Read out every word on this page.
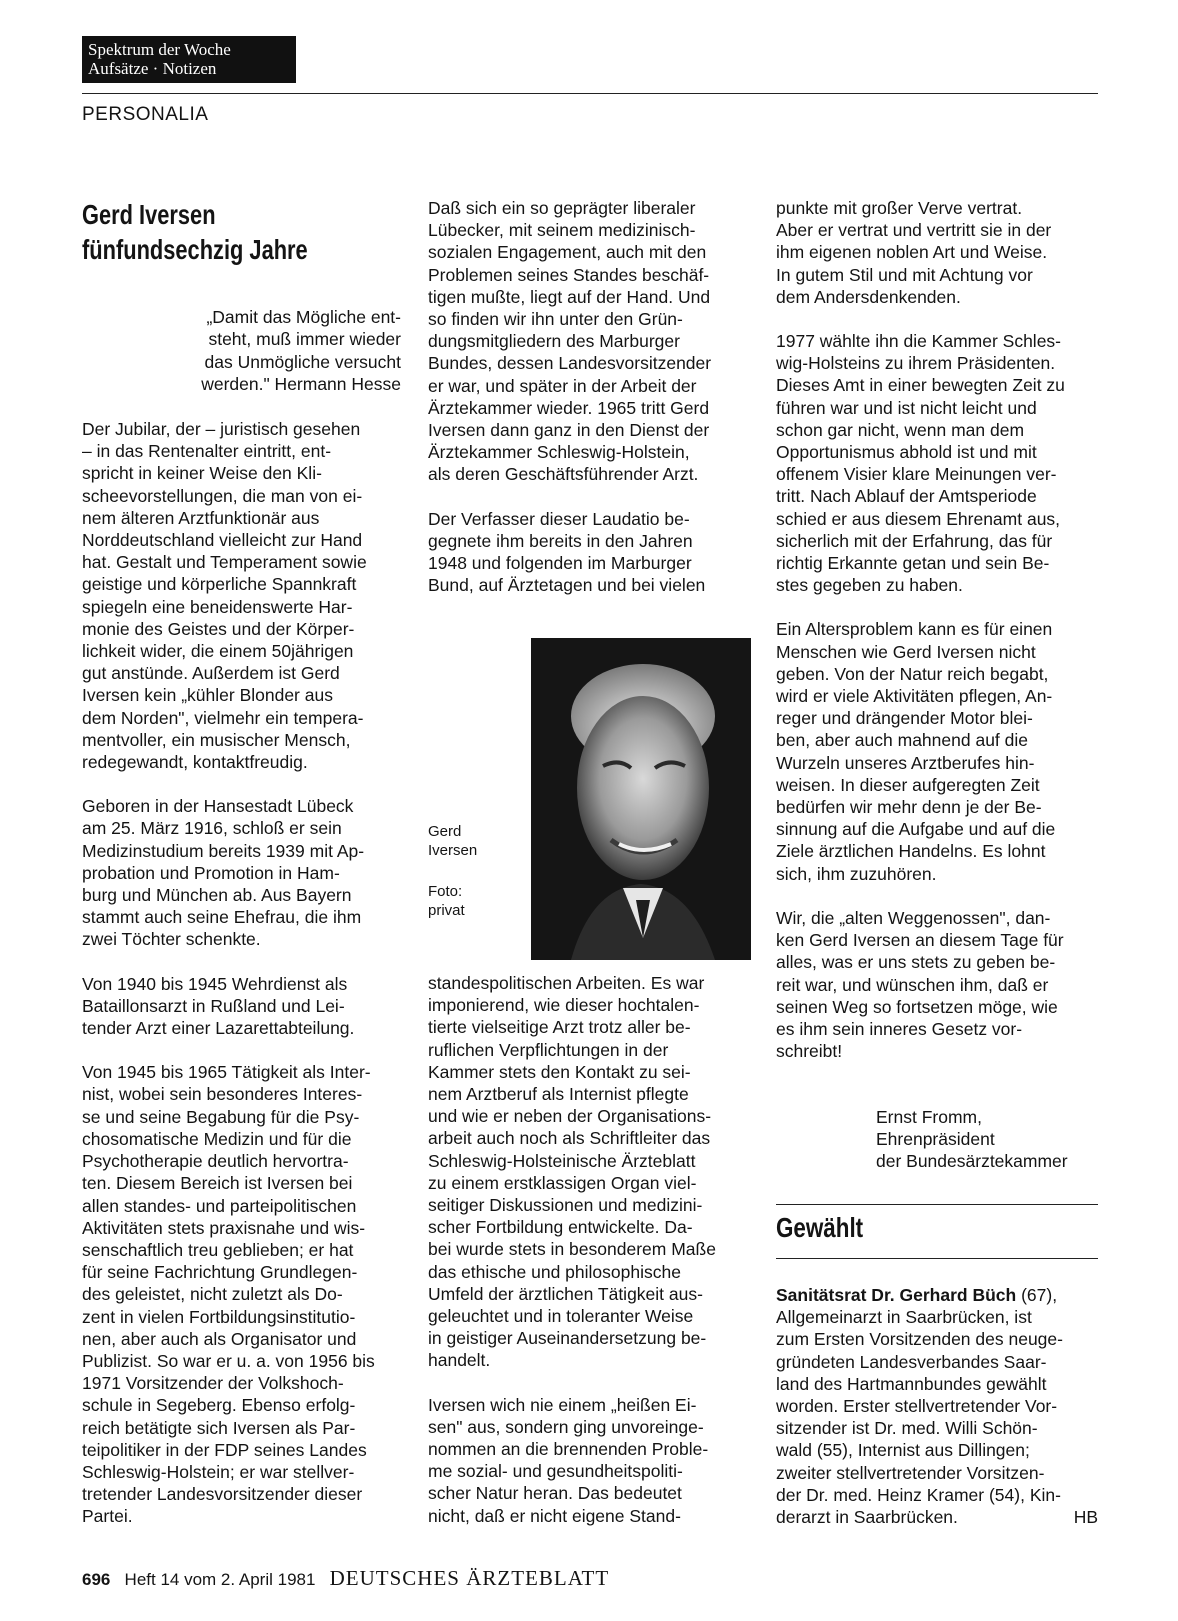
Spektrum der Woche
Aufsätze · Notizen
PERSONALIA
Gerd Iversen
fünfundsechzig Jahre
„Damit das Mögliche ent-
steht, muß immer wieder
das Unmögliche versucht
werden." Hermann Hesse

Der Jubilar, der – juristisch gesehen
– in das Rentenalter eintritt, ent-
spricht in keiner Weise den Kli-
scheevorstellungen, die man von ei-
nem älteren Arztfunktionär aus
Norddeutschland vielleicht zur Hand
hat. Gestalt und Temperament sowie
geistige und körperliche Spannkraft
spiegeln eine beneidenswerte Har-
monie des Geistes und der Körper-
lichkeit wider, die einem 50jährigen
gut anstünde. Außerdem ist Gerd
Iversen kein „kühler Blonder aus
dem Norden", vielmehr ein tempera-
mentvoller, ein musischer Mensch,
redegewandt, kontaktfreudig.

Geboren in der Hansestadt Lübeck
am 25. März 1916, schloß er sein
Medizinstudium bereits 1939 mit Ap-
probation und Promotion in Ham-
burg und München ab. Aus Bayern
stammt auch seine Ehefrau, die ihm
zwei Töchter schenkte.

Von 1940 bis 1945 Wehrdienst als
Bataillonsarzt in Rußland und Lei-
tender Arzt einer Lazarettabteilung.

Von 1945 bis 1965 Tätigkeit als Inter-
nist, wobei sein besonderes Interes-
se und seine Begabung für die Psy-
chosomatische Medizin und für die
Psychotherapie deutlich hervortra-
ten. Diesem Bereich ist Iversen bei
allen standes- und parteipolitischen
Aktivitäten stets praxisnahe und wis-
senschaftlich treu geblieben; er hat
für seine Fachrichtung Grundlegen-
des geleistet, nicht zuletzt als Do-
zent in vielen Fortbildungsinstitutio-
nen, aber auch als Organisator und
Publizist. So war er u. a. von 1956 bis
1971 Vorsitzender der Volkshoch-
schule in Segeberg. Ebenso erfolg-
reich betätigte sich Iversen als Par-
teipolitiker in der FDP seines Landes
Schleswig-Holstein; er war stellver-
tretender Landesvorsitzender dieser
Partei.

Daß sich ein so geprägter liberaler
Lübecker, mit seinem medizinisch-
sozialen Engagement, auch mit den
Problemen seines Standes beschäf-
tigen mußte, liegt auf der Hand. Und
so finden wir ihn unter den Grün-
dungsmitgliedern des Marburger
Bundes, dessen Landesvorsitzender
er war, und später in der Arbeit der
Ärztekammer wieder. 1965 tritt Gerd
Iversen dann ganz in den Dienst der
Ärztekammer Schleswig-Holstein,
als deren Geschäftsführender Arzt.

Der Verfasser dieser Laudatio be-
gegnete ihm bereits in den Jahren
1948 und folgenden im Marburger
Bund, auf Ärztetagen und bei vielen

Gerd
Iversen
Foto:
privat

standespolitischen Arbeiten. Es war
imponierend, wie dieser hochtalen-
tierte vielseitige Arzt trotz aller be-
ruflichen Verpflichtungen in der
Kammer stets den Kontakt zu sei-
nem Arztberuf als Internist pflegte
und wie er neben der Organisations-
arbeit auch noch als Schriftleiter das
Schleswig-Holsteinische Ärzteblatt
zu einem erstklassigen Organ viel-
seitiger Diskussionen und medizini-
scher Fortbildung entwickelte. Da-
bei wurde stets in besonderem Maße
das ethische und philosophische
Umfeld der ärztlichen Tätigkeit aus-
geleuchtet und in toleranter Weise
in geistiger Auseinandersetzung be-
handelt.

Iversen wich nie einem „heißen Ei-
sen" aus, sondern ging unvoreinge-
nommen an die brennenden Proble-
me sozial- und gesundheitspoliti-
scher Natur heran. Das bedeutet
nicht, daß er nicht eigene Stand-

punkte mit großer Verve vertrat.
Aber er vertrat und vertritt sie in der
ihm eigenen noblen Art und Weise.
In gutem Stil und mit Achtung vor
dem Andersdenkenden.

1977 wählte ihn die Kammer Schles-
wig-Holsteins zu ihrem Präsidenten.
Dieses Amt in einer bewegten Zeit zu
führen war und ist nicht leicht und
schon gar nicht, wenn man dem
Opportunismus abhold ist und mit
offenem Visier klare Meinungen ver-
tritt. Nach Ablauf der Amtsperiode
schied er aus diesem Ehrenamt aus,
sicherlich mit der Erfahrung, das für
richtig Erkannte getan und sein Be-
stes gegeben zu haben.

Ein Altersproblem kann es für einen
Menschen wie Gerd Iversen nicht
geben. Von der Natur reich begabt,
wird er viele Aktivitäten pflegen, An-
reger und drängender Motor blei-
ben, aber auch mahnend auf die
Wurzeln unseres Arztberufes hin-
weisen. In dieser aufgeregten Zeit
bedürfen wir mehr denn je der Be-
sinnung auf die Aufgabe und auf die
Ziele ärztlichen Handelns. Es lohnt
sich, ihm zuzuhören.

Wir, die „alten Weggenossen", dan-
ken Gerd Iversen an diesem Tage für
alles, was er uns stets zu geben be-
reit war, und wünschen ihm, daß er
seinen Weg so fortsetzen möge, wie
es ihm sein inneres Gesetz vor-
schreibt!

Ernst Fromm,
Ehrenpräsident
der Bundesärztekammer
Gewählt

Sanitätsrat Dr. Gerhard Büch (67),
Allgemeinarzt in Saarbrücken, ist
zum Ersten Vorsitzenden des neuge-
gründeten Landesverbandes Saar-
land des Hartmannbundes gewählt
worden. Erster stellvertretender Vor-
sitzender ist Dr. med. Willi Schön-
wald (55), Internist aus Dillingen;
zweiter stellvertretender Vorsitzen-
der Dr. med. Heinz Kramer (54), Kin-
derarzt in Saarbrücken.	HB

696 Heft 14 vom 2. April 1981 DEUTSCHES ÄRZTEBLATT
